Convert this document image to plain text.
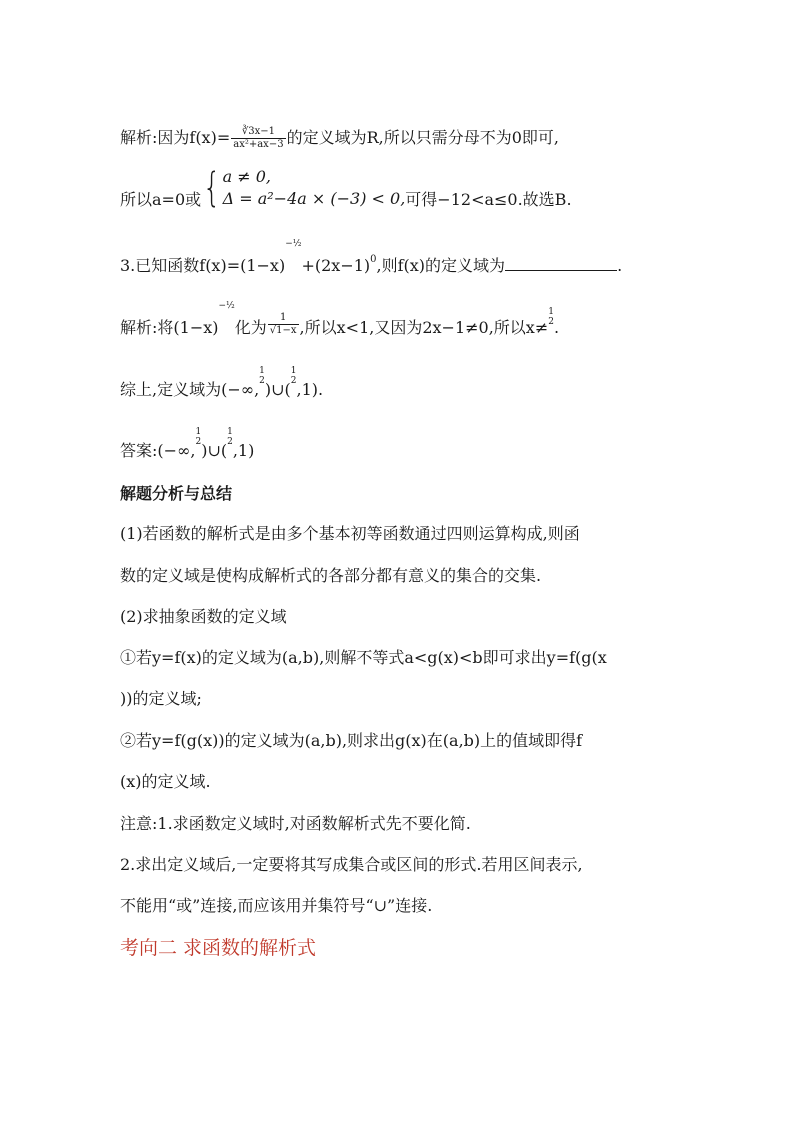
解析:因为$f(x)= \frac{∛3x-1}{\text{ax²+ax−3}}$ 的定义域为R,所以只需分母不为0即可,
所以a=0或{ a ≠ 0,
Δ = a²−4a × (−3) < 0, 可得−12<a≤0.故选B.
3.已知函数$f(x)=(1-x)-\frac{1}{2}+(2x-1)^0$,则f(x)的定义域为	.
解析:将(1−x)−½化为 $\frac{1}{√1-x}$ ,所以x<1,又因为2x−1≠0,所以x≠
1
2 .
综上,定义域为(−∞,
1
2 )∪(
1
2 ,1).
答案:(−∞,
1
2 )∪(
1
2 ,1)
解题分析与总结
(1)若函数的解析式是由多个基本初等函数通过四则运算构成,则函
数的定义域是使构成解析式的各部分都有意义的集合的交集.
(2)求抽象函数的定义域
①若y=f(x)的定义域为(a,b),则解不等式a<g(x)<b即可求出y=f(g(x
))的定义域;
②若y=f(g(x))的定义域为(a,b),则求出g(x)在(a,b)上的值域即得f
(x)的定义域.
注意:1.求函数定义域时,对函数解析式先不要化简.
2.求出定义域后,一定要将其写成集合或区间的形式.若用区间表示,
不能用“或”连接,而应该用并集符号“∪”连接.
考向二 求函数的解析式
